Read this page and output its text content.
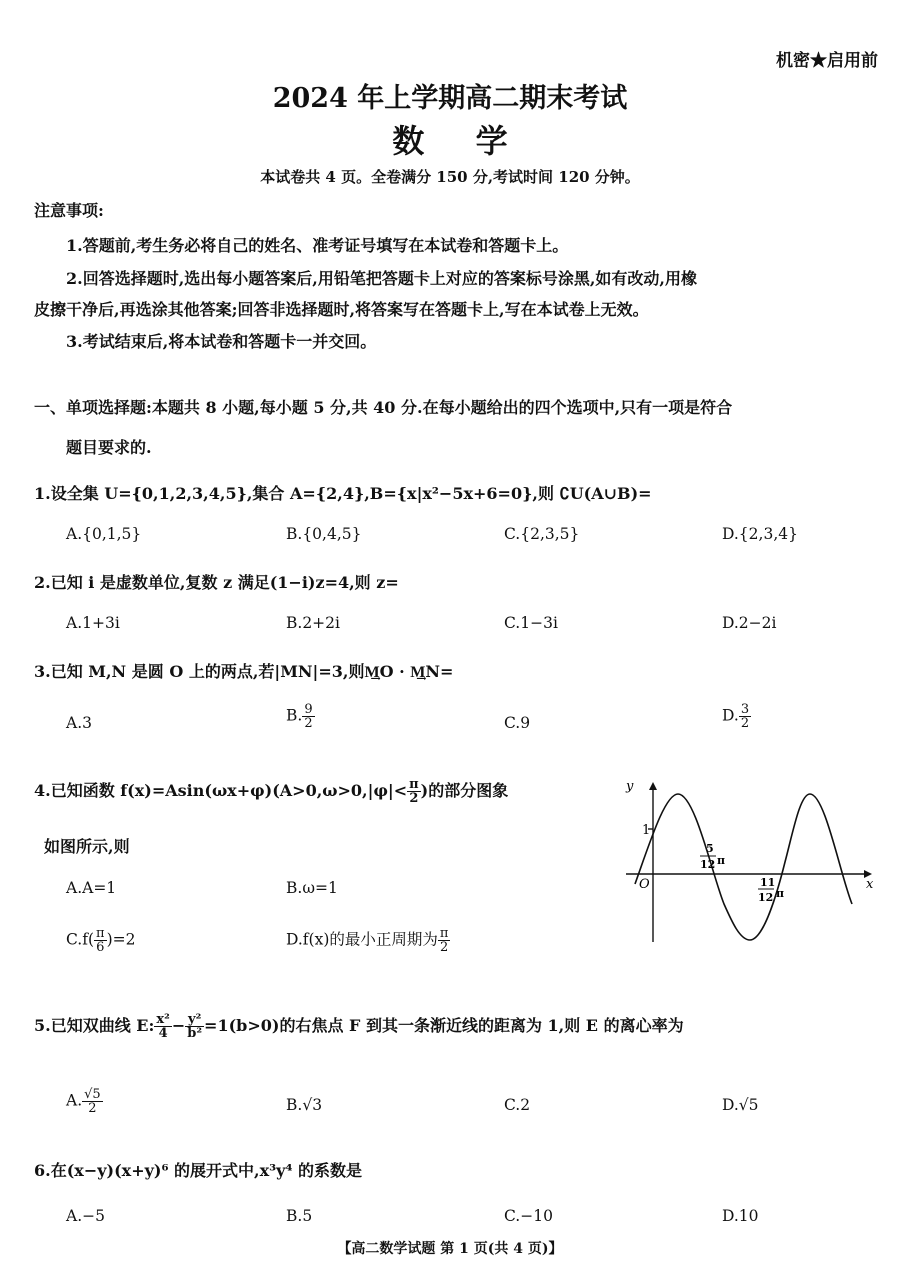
机密★启用前
2024 年上学期高二期末考试
数 学
本试卷共 4 页。全卷满分 150 分,考试时间 120 分钟。
注意事项:
1.答题前,考生务必将自己的姓名、准考证号填写在本试卷和答题卡上。
2.回答选择题时,选出每小题答案后,用铅笔把答题卡上对应的答案标号涂黑,如有改动,用橡
皮擦干净后,再选涂其他答案;回答非选择题时,将答案写在答题卡上,写在本试卷上无效。
3.考试结束后,将本试卷和答题卡一并交回。
一、单项选择题:本题共 8 小题,每小题 5 分,共 40 分.在每小题给出的四个选项中,只有一项是符合
题目要求的.
1.设全集 U={0,1,2,3,4,5},集合 A={2,4},B={x|x²−5x+6=0},则 ∁U(A∪B)=
A.{0,1,5}	B.{0,4,5}	C.{2,3,5}	D.{2,3,4}
2.已知 i 是虚数单位,复数 z 满足(1−i)z=4,则 z=
A.1+3i	B.2+2i	C.1−3i	D.2−2i
3.已知 M,N 是圆 O 上的两点,若|MN|=3,则M͢O · M͢N=
A.3	B. $\frac{9}{2}$	C.9	D. $\frac{3}{2}$
4.已知函数 $f(x)=Asin(\omega x+\varphi)(A>0,\omega>0,|\varphi|< \frac{\pi}{2}$ )的部分图象
如图所示,则
A.A=1	B.ω=1
$C.f( \frac{\pi}{6} )=2$	D.f(x)的最小正周期为 $\frac{\pi}{2}$
y
x
O
1
5
12 π
11
12 π
5.已知双曲线 E: $\frac{\text{x²}}{4} - \frac{\text{y²}}{\text{b²}} =1(b>0)$的右焦点 F 到其一条渐近线的距离为 1,则 E 的离心率为
A. $\frac{√5}{2}$	B.√3	C.2	D.√5
6.在(x−y)(x+y)⁶ 的展开式中,x³y⁴ 的系数是
A.−5	B.5	C.−10	D.10
【高二数学试题 第 1 页(共 4 页)】
